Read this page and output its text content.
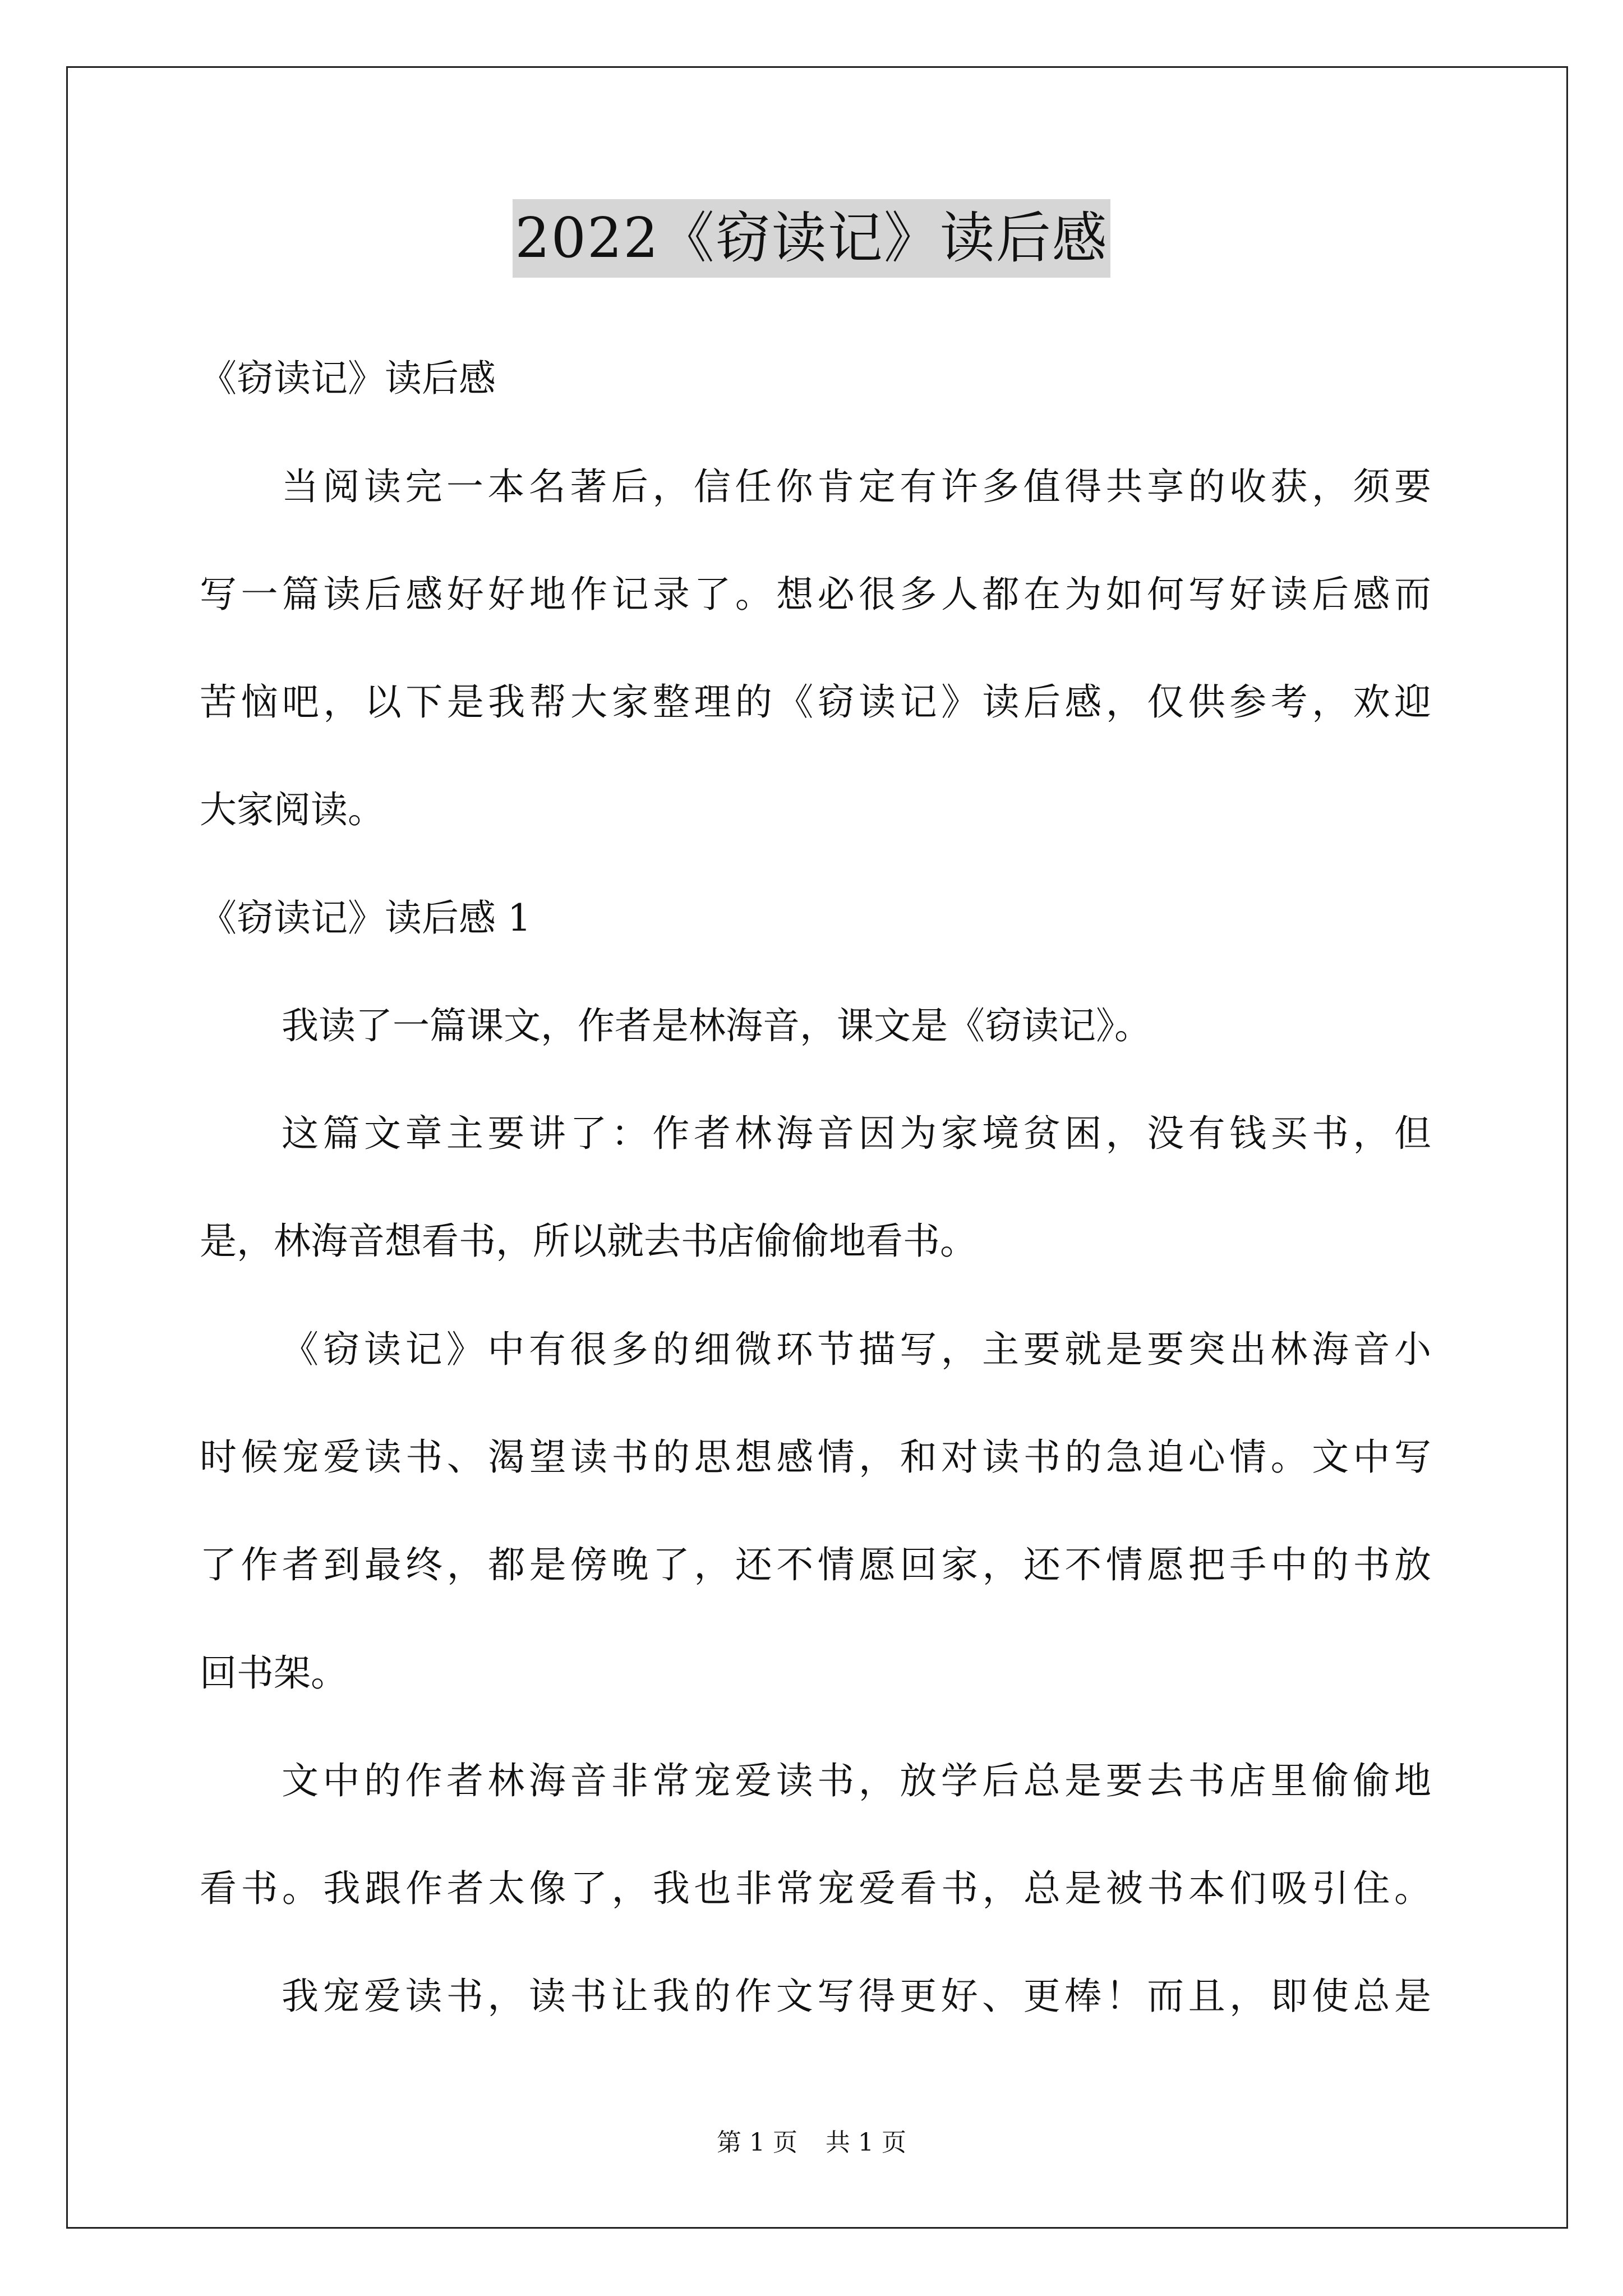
2022《窃读记》读后感
《窃读记》读后感
当阅读完一本名著后，信任你肯定有许多值得共享的收获，须要
写一篇读后感好好地作记录了。想必很多人都在为如何写好读后感而
苦恼吧，以下是我帮大家整理的《窃读记》读后感，仅供参考，欢迎
大家阅读。
《窃读记》读后感 1
我读了一篇课文，作者是林海音，课文是《窃读记》。
这篇文章主要讲了：作者林海音因为家境贫困，没有钱买书，但
是，林海音想看书，所以就去书店偷偷地看书。
《窃读记》中有很多的细微环节描写，主要就是要突出林海音小
时候宠爱读书、渴望读书的思想感情，和对读书的急迫心情。文中写
了作者到最终，都是傍晚了，还不情愿回家，还不情愿把手中的书放
回书架。
文中的作者林海音非常宠爱读书，放学后总是要去书店里偷偷地
看书。我跟作者太像了，我也非常宠爱看书，总是被书本们吸引住。
我宠爱读书，读书让我的作文写得更好、更棒！而且，即使总是
第 1 页 共 1 页
